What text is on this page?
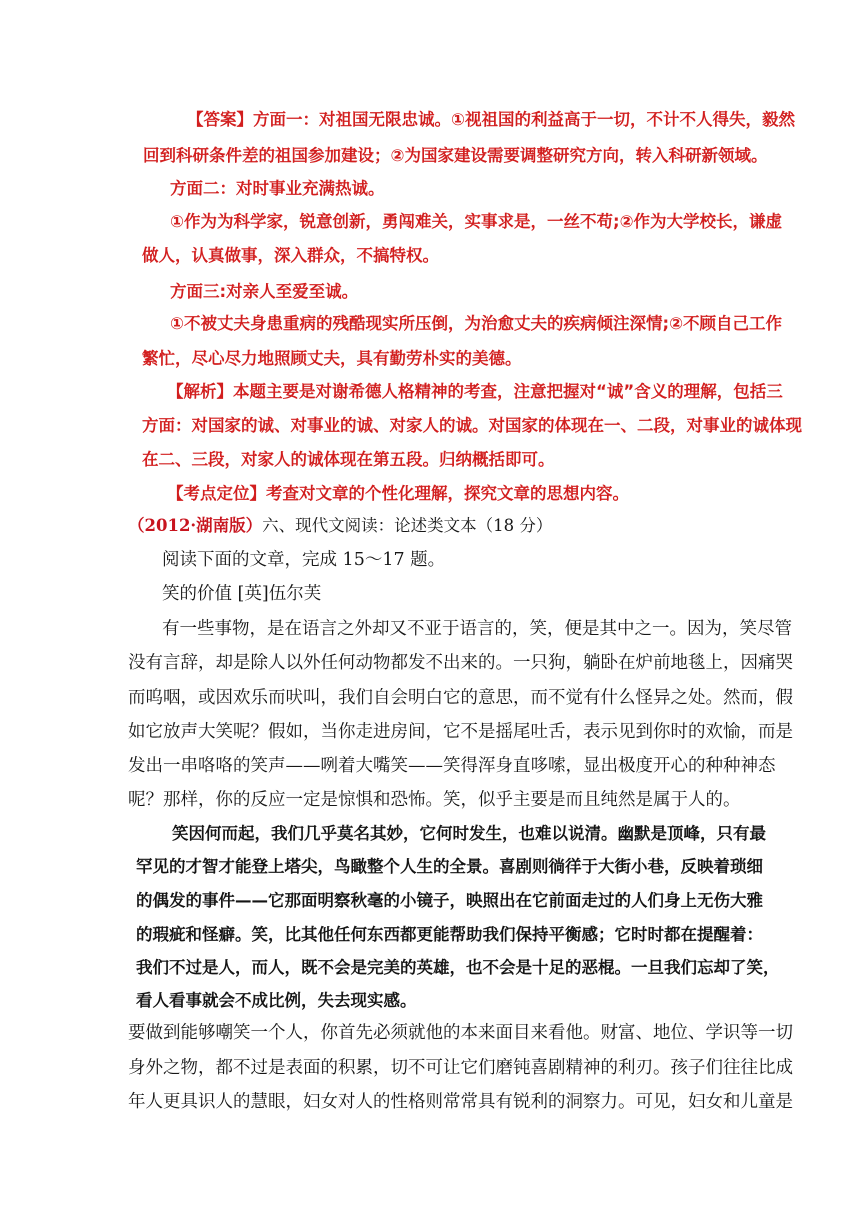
【答案】方面一：对祖国无限忠诚。①视祖国的利益高于一切，不计不人得失，毅然
回到科研条件差的祖国参加建设；②为国家建设需要调整研究方向，转入科研新领域。
方面二：对时事业充满热诚。
①作为为科学家，锐意创新，勇闯难关，实事求是，一丝不苟;②作为大学校长，谦虚
做人，认真做事，深入群众，不搞特权。
方面三:对亲人至爱至诚。
①不被丈夫身患重病的残酷现实所压倒，为治愈丈夫的疾病倾注深情;②不顾自己工作
繁忙，尽心尽力地照顾丈夫，具有勤劳朴实的美德。
【解析】本题主要是对谢希德人格精神的考查，注意把握对“诚”含义的理解，包括三
方面：对国家的诚、对事业的诚、对家人的诚。对国家的体现在一、二段，对事业的诚体现
在二、三段，对家人的诚体现在第五段。归纳概括即可。
【考点定位】考查对文章的个性化理解，探究文章的思想内容。
（2012·湖南版）六、现代文阅读：论述类文本（18 分）
阅读下面的文章，完成 15～17 题。
笑的价值 [英]伍尔芙
有一些事物，是在语言之外却又不亚于语言的，笑，便是其中之一。因为，笑尽管
没有言辞，却是除人以外任何动物都发不出来的。一只狗，躺卧在炉前地毯上，因痛哭
而呜咽，或因欢乐而吠叫，我们自会明白它的意思，而不觉有什么怪异之处。然而，假
如它放声大笑呢？假如，当你走进房间，它不是摇尾吐舌，表示见到你时的欢愉，而是
发出一串咯咯的笑声——咧着大嘴笑——笑得浑身直哆嗦，显出极度开心的种种神态
呢？那样，你的反应一定是惊惧和恐怖。笑，似乎主要是而且纯然是属于人的。
笑因何而起，我们几乎莫名其妙，它何时发生，也难以说清。幽默是顶峰，只有最
罕见的才智才能登上塔尖，鸟瞰整个人生的全景。喜剧则徜徉于大街小巷，反映着琐细
的偶发的事件——它那面明察秋毫的小镜子，映照出在它前面走过的人们身上无伤大雅
的瑕疵和怪癖。笑，比其他任何东西都更能帮助我们保持平衡感；它时时都在提醒着：
我们不过是人，而人，既不会是完美的英雄，也不会是十足的恶棍。一旦我们忘却了笑，
看人看事就会不成比例，失去现实感。
要做到能够嘲笑一个人，你首先必须就他的本来面目来看他。财富、地位、学识等一切
身外之物，都不过是表面的积累，切不可让它们磨钝喜剧精神的利刃。孩子们往往比成
年人更具识人的慧眼，妇女对人的性格则常常具有锐利的洞察力。可见，妇女和儿童是
